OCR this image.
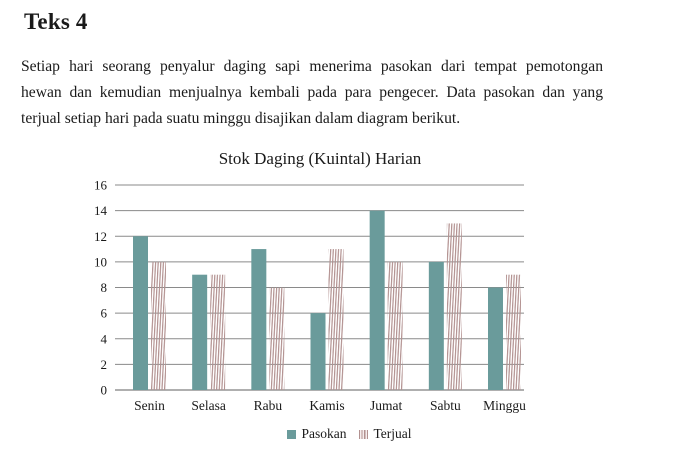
Teks 4
Setiap hari seorang penyalur daging sapi menerima pasokan dari tempat pemotongan
hewan dan kemudian menjualnya kembali pada para pengecer. Data pasokan dan yang
terjual setiap hari pada suatu minggu disajikan dalam diagram berikut.
Stok Daging (Kuintal) Harian
0
2
4
6
8
10
12
14
16
Senin Selasa Rabu Kamis Jumat Sabtu Minggu
Pasokan Terjual
